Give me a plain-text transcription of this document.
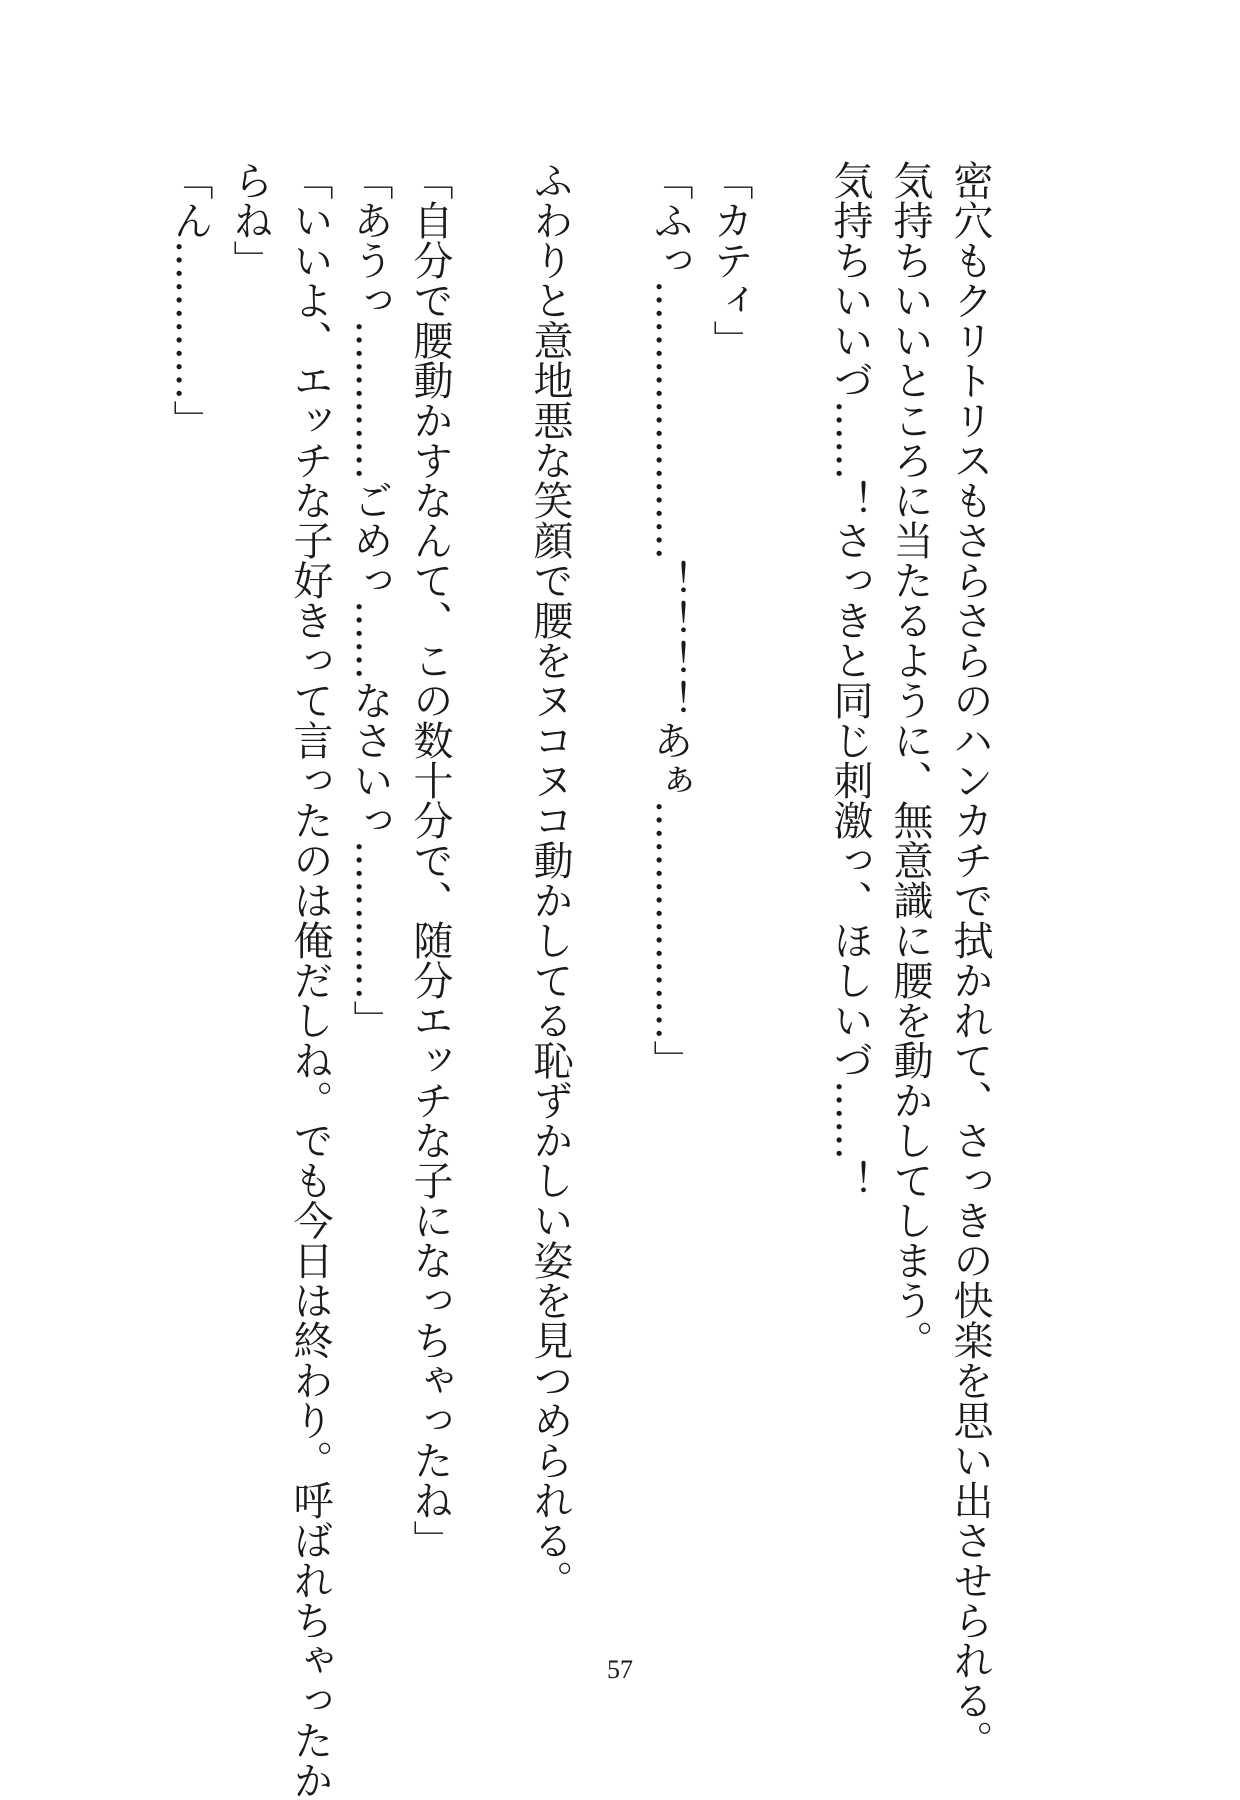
密穴もクリトリスもさらさらのハンカチで拭かれて、さっきの快楽を思い出させられる。
気持ちいいところに当たるように、無意識に腰を動かしてしまう。
気持ちいいづ……！さっきと同じ刺激っ、ほしいづ……！
「カティ」
「ふっ…………………！！！！あぁ………………」
ふわりと意地悪な笑顔で腰をヌコヌコ動かしてる恥ずかしい姿を見つめられる。
「自分で腰動かすなんて、この数十分で、随分エッチな子になっちゃったね」
「あうっ…………ごめっ……なさいっ…………」
「いいよ、エッチな子好きって言ったのは俺だしね。でも今日は終わり。呼ばれちゃったか
らね」
「ん…………」
57
